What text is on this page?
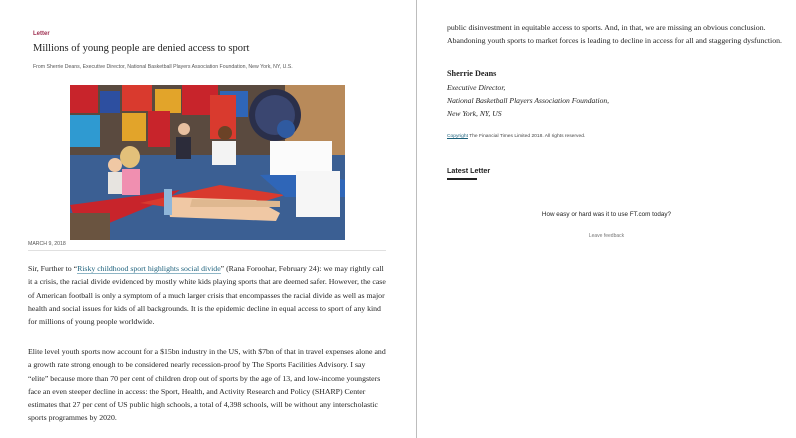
Letter
Millions of young people are denied access to sport
From Sherrie Deans, Executive Director, National Basketball Players Association Foundation, New York, NY, U.S.
MARCH 9, 2018

Sir, Further to “Risky childhood sport highlights social divide” (Rana Foroohar, February 24): we may rightly call it a crisis, the racial divide evidenced by mostly white kids playing sports that are deemed safer. However, the case of American football is only a symptom of a much larger crisis that encompasses the racial divide as well as major health and social issues for kids of all backgrounds. It is the epidemic decline in equal access to sport of any kind for millions of young people worldwide.

Elite level youth sports now account for a $15bn industry in the US, with $7bn of that in travel expenses alone and a growth rate strong enough to be considered nearly recession-proof by The Sports Facilities Advisory. I say “elite” because more than 70 per cent of children drop out of sports by the age of 13, and low-income youngsters face an even steeper decline in access: the Sport, Health, and Activity Research and Policy (SHARP) Center estimates that 27 per cent of US public high schools, a total of 4,398 schools, will be without any interscholastic sports programmes by 2020.

public disinvestment in equitable access to sports. And, in that, we are missing an obvious conclusion. Abandoning youth sports to market forces is leading to decline in access for all and staggering dysfunction.
Sherrie Deans
Executive Director,
National Basketball Players Association Foundation,
New York, NY, US
Copyright The Financial Times Limited 2018. All rights reserved.
Latest Letter
How easy or hard was it to use FT.com today?
Leave feedback
